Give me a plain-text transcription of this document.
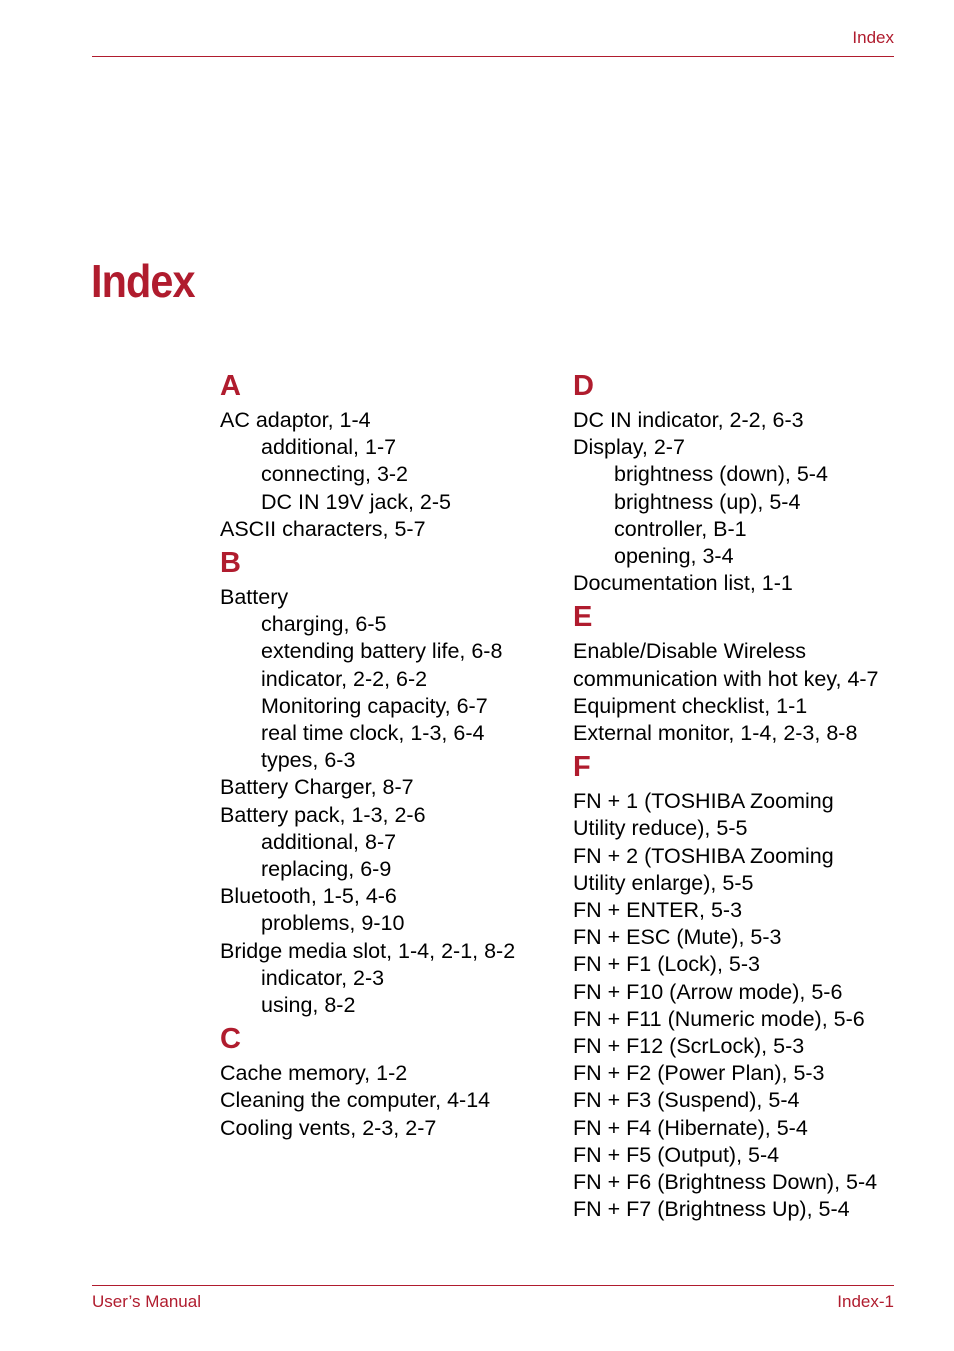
Index
Index
A
AC adaptor, 1-4
additional, 1-7
connecting, 3-2
DC IN 19V jack, 2-5
ASCII characters, 5-7
B
Battery
charging, 6-5
extending battery life, 6-8
indicator, 2-2, 6-2
Monitoring capacity, 6-7
real time clock, 1-3, 6-4
types, 6-3
Battery Charger, 8-7
Battery pack, 1-3, 2-6
additional, 8-7
replacing, 6-9
Bluetooth, 1-5, 4-6
problems, 9-10
Bridge media slot, 1-4, 2-1, 8-2
indicator, 2-3
using, 8-2
C
Cache memory, 1-2
Cleaning the computer, 4-14
Cooling vents, 2-3, 2-7
D
DC IN indicator, 2-2, 6-3
Display, 2-7
brightness (down), 5-4
brightness (up), 5-4
controller, B-1
opening, 3-4
Documentation list, 1-1
E
Enable/Disable Wireless
communication with hot key, 4-7
Equipment checklist, 1-1
External monitor, 1-4, 2-3, 8-8
F
FN + 1 (TOSHIBA Zooming
Utility reduce), 5-5
FN + 2 (TOSHIBA Zooming
Utility enlarge), 5-5
FN + ENTER, 5-3
FN + ESC (Mute), 5-3
FN + F1 (Lock), 5-3
FN + F10 (Arrow mode), 5-6
FN + F11 (Numeric mode), 5-6
FN + F12 (ScrLock), 5-3
FN + F2 (Power Plan), 5-3
FN + F3 (Suspend), 5-4
FN + F4 (Hibernate), 5-4
FN + F5 (Output), 5-4
FN + F6 (Brightness Down), 5-4
FN + F7 (Brightness Up), 5-4
User’s Manual	Index-1
